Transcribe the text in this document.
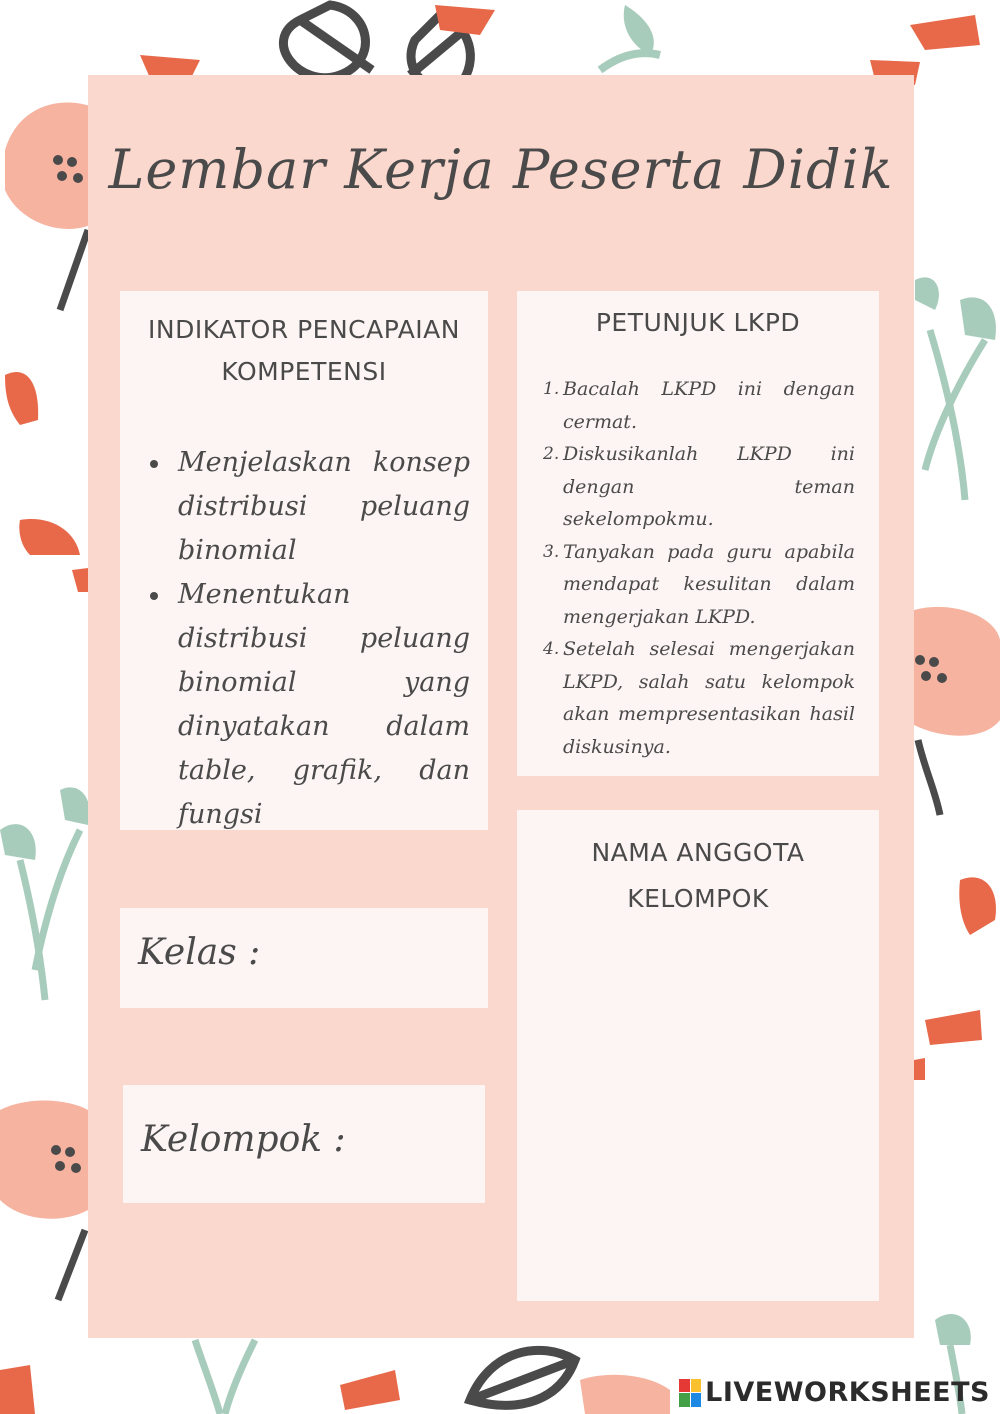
Lembar Kerja Peserta Didik
INDIKATOR PENCAPAIAN KOMPETENSI
Menjelaskan konsep distribusi peluang binomial
Menentukan distribusi peluang binomial yang dinyatakan dalam table, grafik, dan fungsi
PETUNJUK LKPD
1. Bacalah LKPD ini dengan cermat.
2. Diskusikanlah LKPD ini dengan teman sekelompokmu.
3. Tanyakan pada guru apabila mendapat kesulitan dalam mengerjakan LKPD.
4. Setelah selesai mengerjakan LKPD, salah satu kelompok akan mempresentasikan hasil diskusinya.
Kelas :
Kelompok :
NAMA ANGGOTA KELOMPOK
LIVEWORKSHEETS
